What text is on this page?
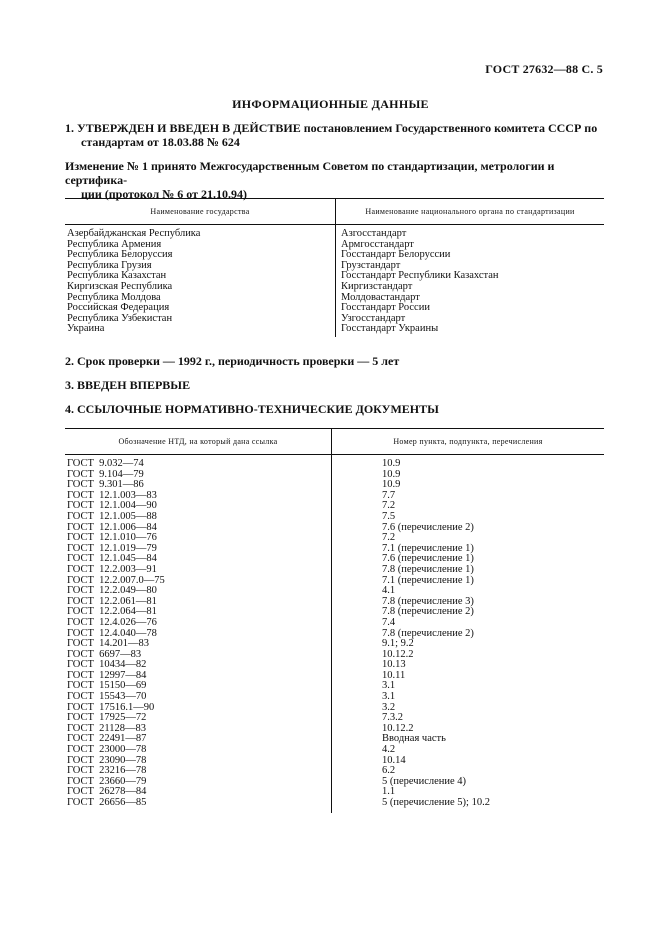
ГОСТ 27632—88 С. 5
ИНФОРМАЦИОННЫЕ ДАННЫЕ
1. УТВЕРЖДЕН И ВВЕДЕН В ДЕЙСТВИЕ постановлением Государственного комитета СССР по
стандартам от 18.03.88 № 624
Изменение № 1 принято Межгосударственным Советом по стандартизации, метрологии и сертифика-
ции (протокол № 6 от 21.10.94)
Наименование государства	Наименование национального органа по стандартизации
Азербайджанская Республика	Азгосстандарт
Республика Армения	Армгосстандарт
Республика Белоруссия	Госстандарт Белоруссии
Республика Грузия	Грузстандарт
Республика Казахстан	Госстандарт Республики Казахстан
Киргизская Республика	Киргизстандарт
Республика Молдова	Молдовастандарт
Российская Федерация	Госстандарт России
Республика Узбекистан	Узгосстандарт
Украина	Госстандарт Украины
2. Срок проверки — 1992 г., периодичность проверки — 5 лет
3. ВВЕДЕН ВПЕРВЫЕ
4. ССЫЛОЧНЫЕ НОРМАТИВНО-ТЕХНИЧЕСКИЕ ДОКУМЕНТЫ
Обозначение НТД, на который дана ссылка	Номер пункта, подпункта, перечисления
ГОСТ  9.032—74	10.9
ГОСТ  9.104—79	10.9
ГОСТ  9.301—86	10.9
ГОСТ  12.1.003—83	7.7
ГОСТ  12.1.004—90	7.2
ГОСТ  12.1.005—88	7.5
ГОСТ  12.1.006—84	7.6 (перечисление 2)
ГОСТ  12.1.010—76	7.2
ГОСТ  12.1.019—79	7.1 (перечисление 1)
ГОСТ  12.1.045—84	7.6 (перечисление 1)
ГОСТ  12.2.003—91	7.8 (перечисление 1)
ГОСТ  12.2.007.0—75	7.1 (перечисление 1)
ГОСТ  12.2.049—80	4.1
ГОСТ  12.2.061—81	7.8 (перечисление 3)
ГОСТ  12.2.064—81	7.8 (перечисление 2)
ГОСТ  12.4.026—76	7.4
ГОСТ  12.4.040—78	7.8 (перечисление 2)
ГОСТ  14.201—83	9.1; 9.2
ГОСТ  6697—83	10.12.2
ГОСТ  10434—82	10.13
ГОСТ  12997—84	10.11
ГОСТ  15150—69	3.1
ГОСТ  15543—70	3.1
ГОСТ  17516.1—90	3.2
ГОСТ  17925—72	7.3.2
ГОСТ  21128—83	10.12.2
ГОСТ  22491—87	Вводная часть
ГОСТ  23000—78	4.2
ГОСТ  23090—78	10.14
ГОСТ  23216—78	6.2
ГОСТ  23660—79	5 (перечисление 4)
ГОСТ  26278—84	1.1
ГОСТ  26656—85	5 (перечисление 5); 10.2
